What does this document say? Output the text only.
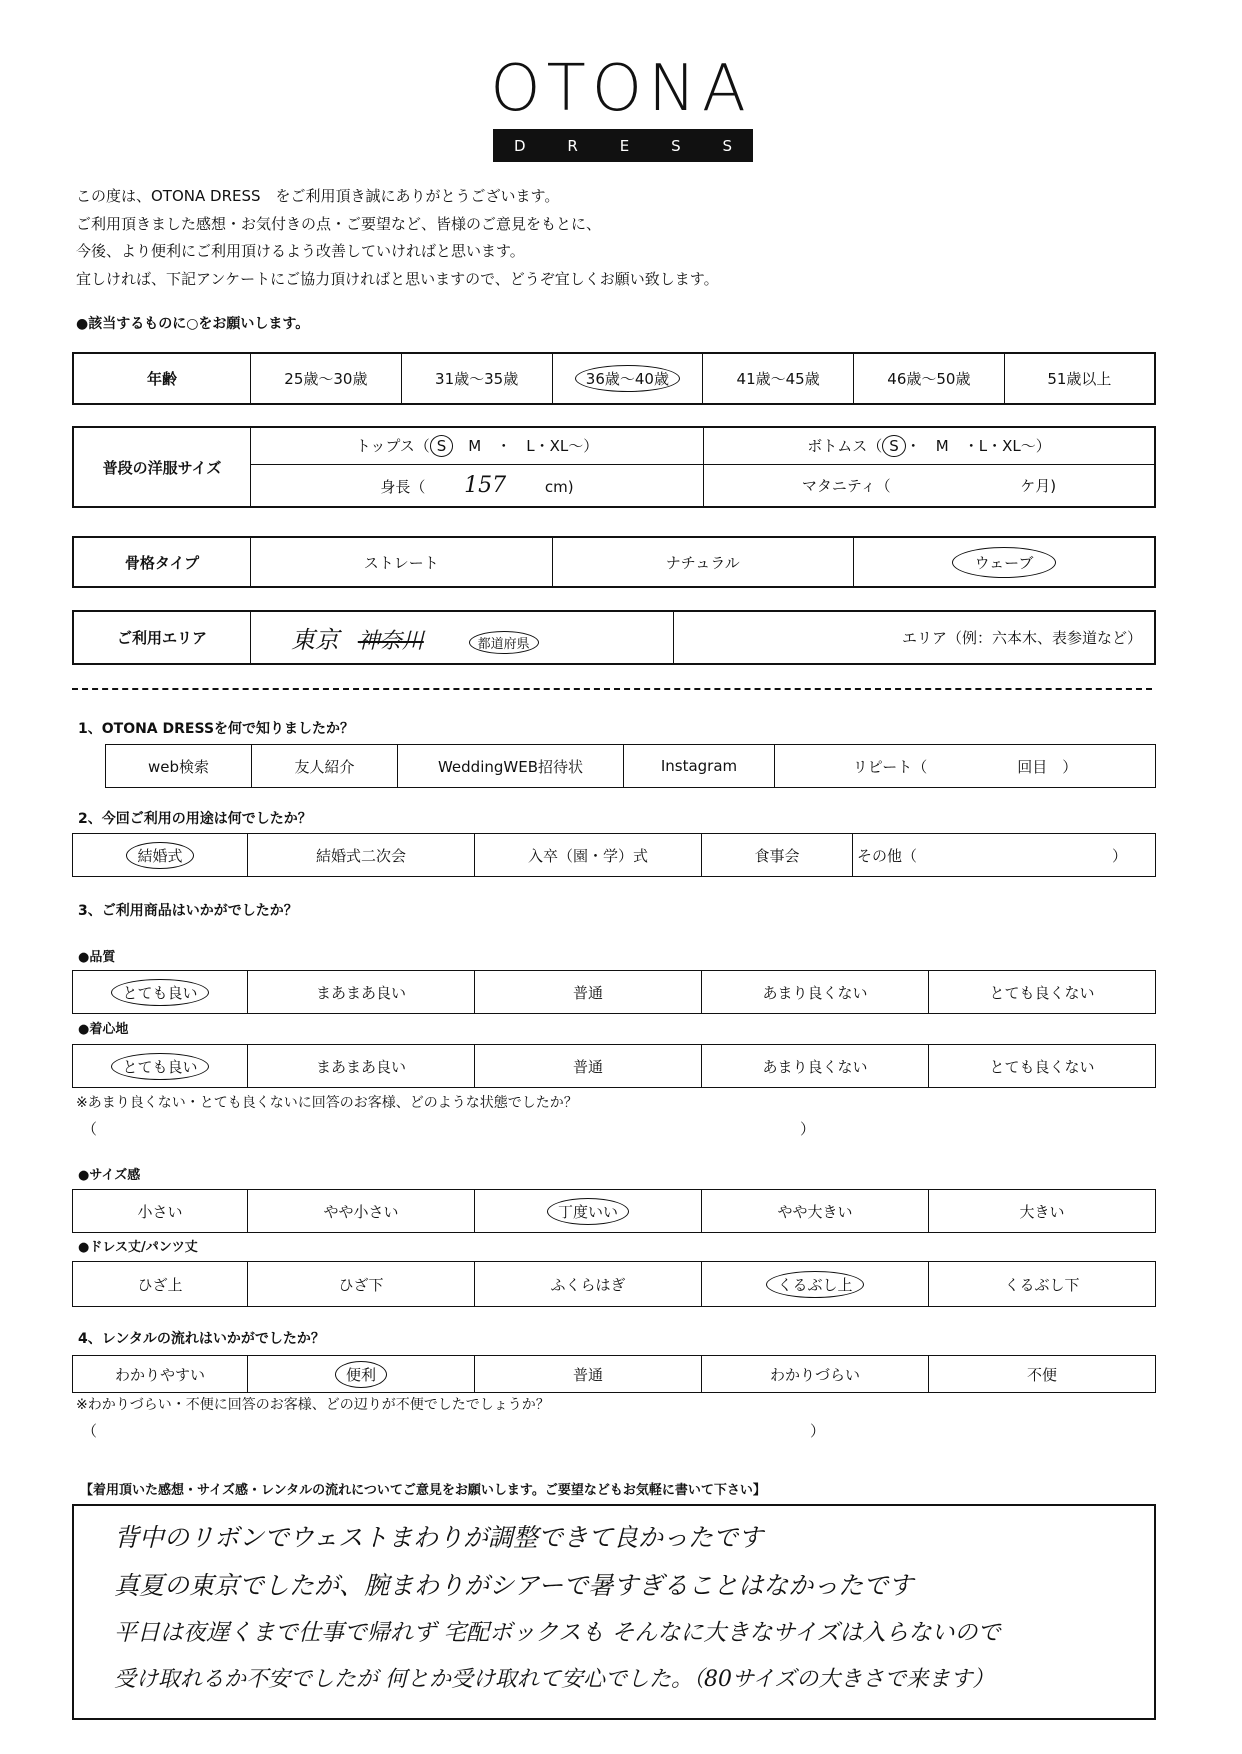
OTONA
D	R	E	S	S
この度は、OTONA DRESS　をご利用頂き誠にありがとうございます。
ご利用頂きました感想・お気付きの点・ご要望など、皆様のご意見をもとに、
今後、より便利にご利用頂けるよう改善していければと思います。
宜しければ、下記アンケートにご協力頂ければと思いますので、どうぞ宜しくお願い致します。
●該当するものに○をお願いします。
年齢	25歳〜30歳	31歳〜35歳	36歳〜40歳	41歳〜45歳	46歳〜50歳	51歳以上
普段の洋服サイズ	トップス（ S　 M　・　L・XL〜）	ボトムス（ S ・　M　・L・XL〜）
	身長（ 157 cm)	マタニティ（ ケ月)
骨格タイプ	ストレート	ナチュラル	ウェーブ
ご利用エリア	東京 神奈川	都道府県	エリア（例：六本木、表参道など）
1、OTONA DRESSを何で知りましたか？
web検索	友人紹介	WeddingWEB招待状	Instagram	リピート（　　　　　　回目　）
2、今回ご利用の用途は何でしたか？
結婚式	結婚式二次会	入卒（園・学）式	食事会	その他（　　　　　　　　　　　　　）
3、ご利用商品はいかがでしたか？
●品質
とても良い	まあまあ良い	普通	あまり良くない	とても良くない
●着心地
とても良い	まあまあ良い	普通	あまり良くない	とても良くない
※あまり良くない・とても良くないに回答のお客様、どのような状態でしたか？
（	）
●サイズ感
小さい	やや小さい	丁度いい	やや大きい	大きい
●ドレス丈/パンツ丈
ひざ上	ひざ下	ふくらはぎ	くるぶし上	くるぶし下
4、レンタルの流れはいかがでしたか？
わかりやすい	便利	普通	わかりづらい	不便
※わかりづらい・不便に回答のお客様、どの辺りが不便でしたでしょうか？
（	）
【着用頂いた感想・サイズ感・レンタルの流れについてご意見をお願いします。ご要望などもお気軽に書いて下さい】
背中のリボンでウェストまわりが調整できて良かったです
真夏の東京でしたが、腕まわりがシアーで暑すぎることはなかったです
平日は夜遅くまで仕事で帰れず 宅配ボックスも そんなに大きなサイズは入らないので
受け取れるか不安でしたが 何とか受け取れて安心でした。（80サイズの大きさで来ます）
